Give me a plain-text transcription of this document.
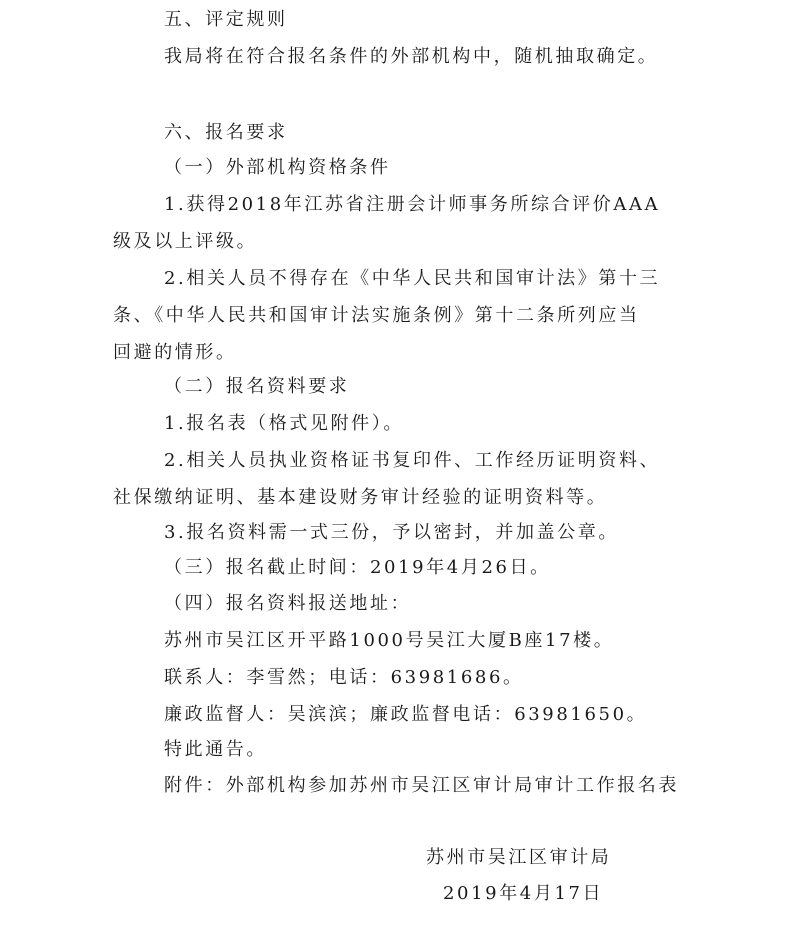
五、评定规则
我局将在符合报名条件的外部机构中，随机抽取确定。
六、报名要求
（一）外部机构资格条件
1.获得2018年江苏省注册会计师事务所综合评价AAA
级及以上评级。
2.相关人员不得存在《中华人民共和国审计法》第十三
条、《中华人民共和国审计法实施条例》第十二条所列应当
回避的情形。
（二）报名资料要求
1.报名表（格式见附件）。
2.相关人员执业资格证书复印件、工作经历证明资料、
社保缴纳证明、基本建设财务审计经验的证明资料等。
3.报名资料需一式三份，予以密封，并加盖公章。
（三）报名截止时间：2019年4月26日。
（四）报名资料报送地址：
苏州市吴江区开平路1000号吴江大厦B座17楼。
联系人：李雪然；电话：63981686。
廉政监督人：吴滨滨；廉政监督电话：63981650。
特此通告。
附件：外部机构参加苏州市吴江区审计局审计工作报名表
苏州市吴江区审计局
2019年4月17日
